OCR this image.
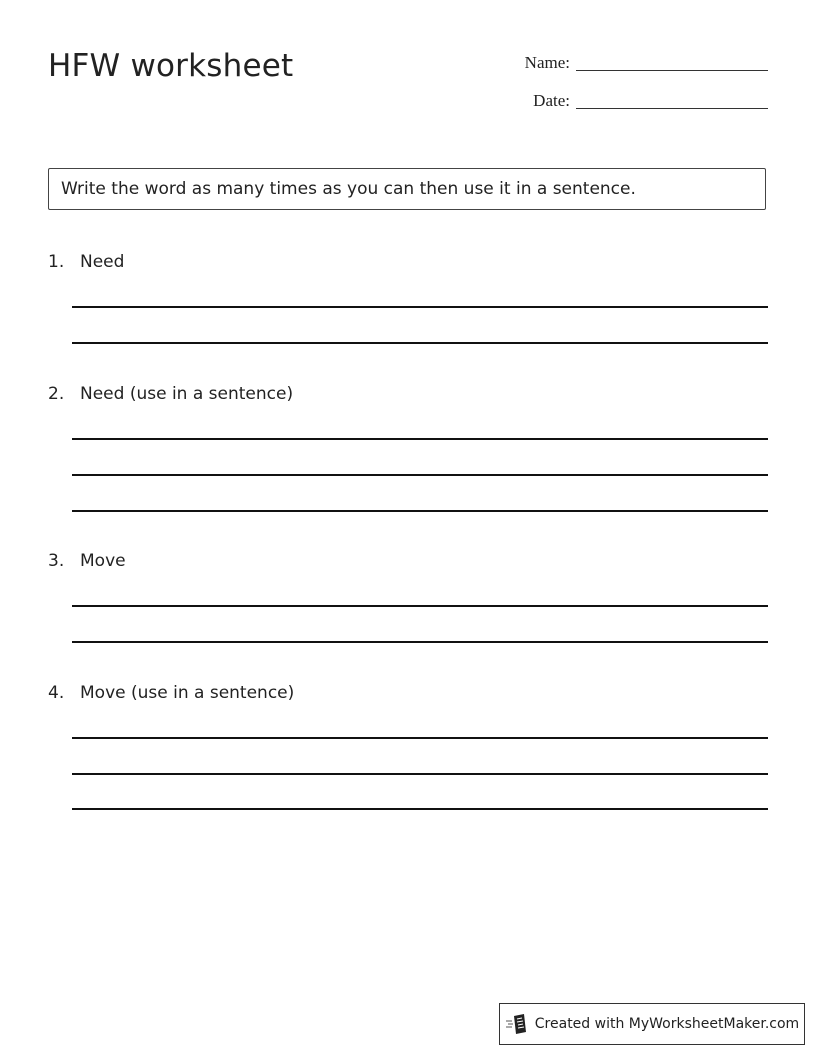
HFW worksheet	Name:
Date:
Write the word as many times as you can then use it in a sentence.
1. Need
2. Need (use in a sentence)
3. Move
4. Move (use in a sentence)
Created with MyWorksheetMaker.com
